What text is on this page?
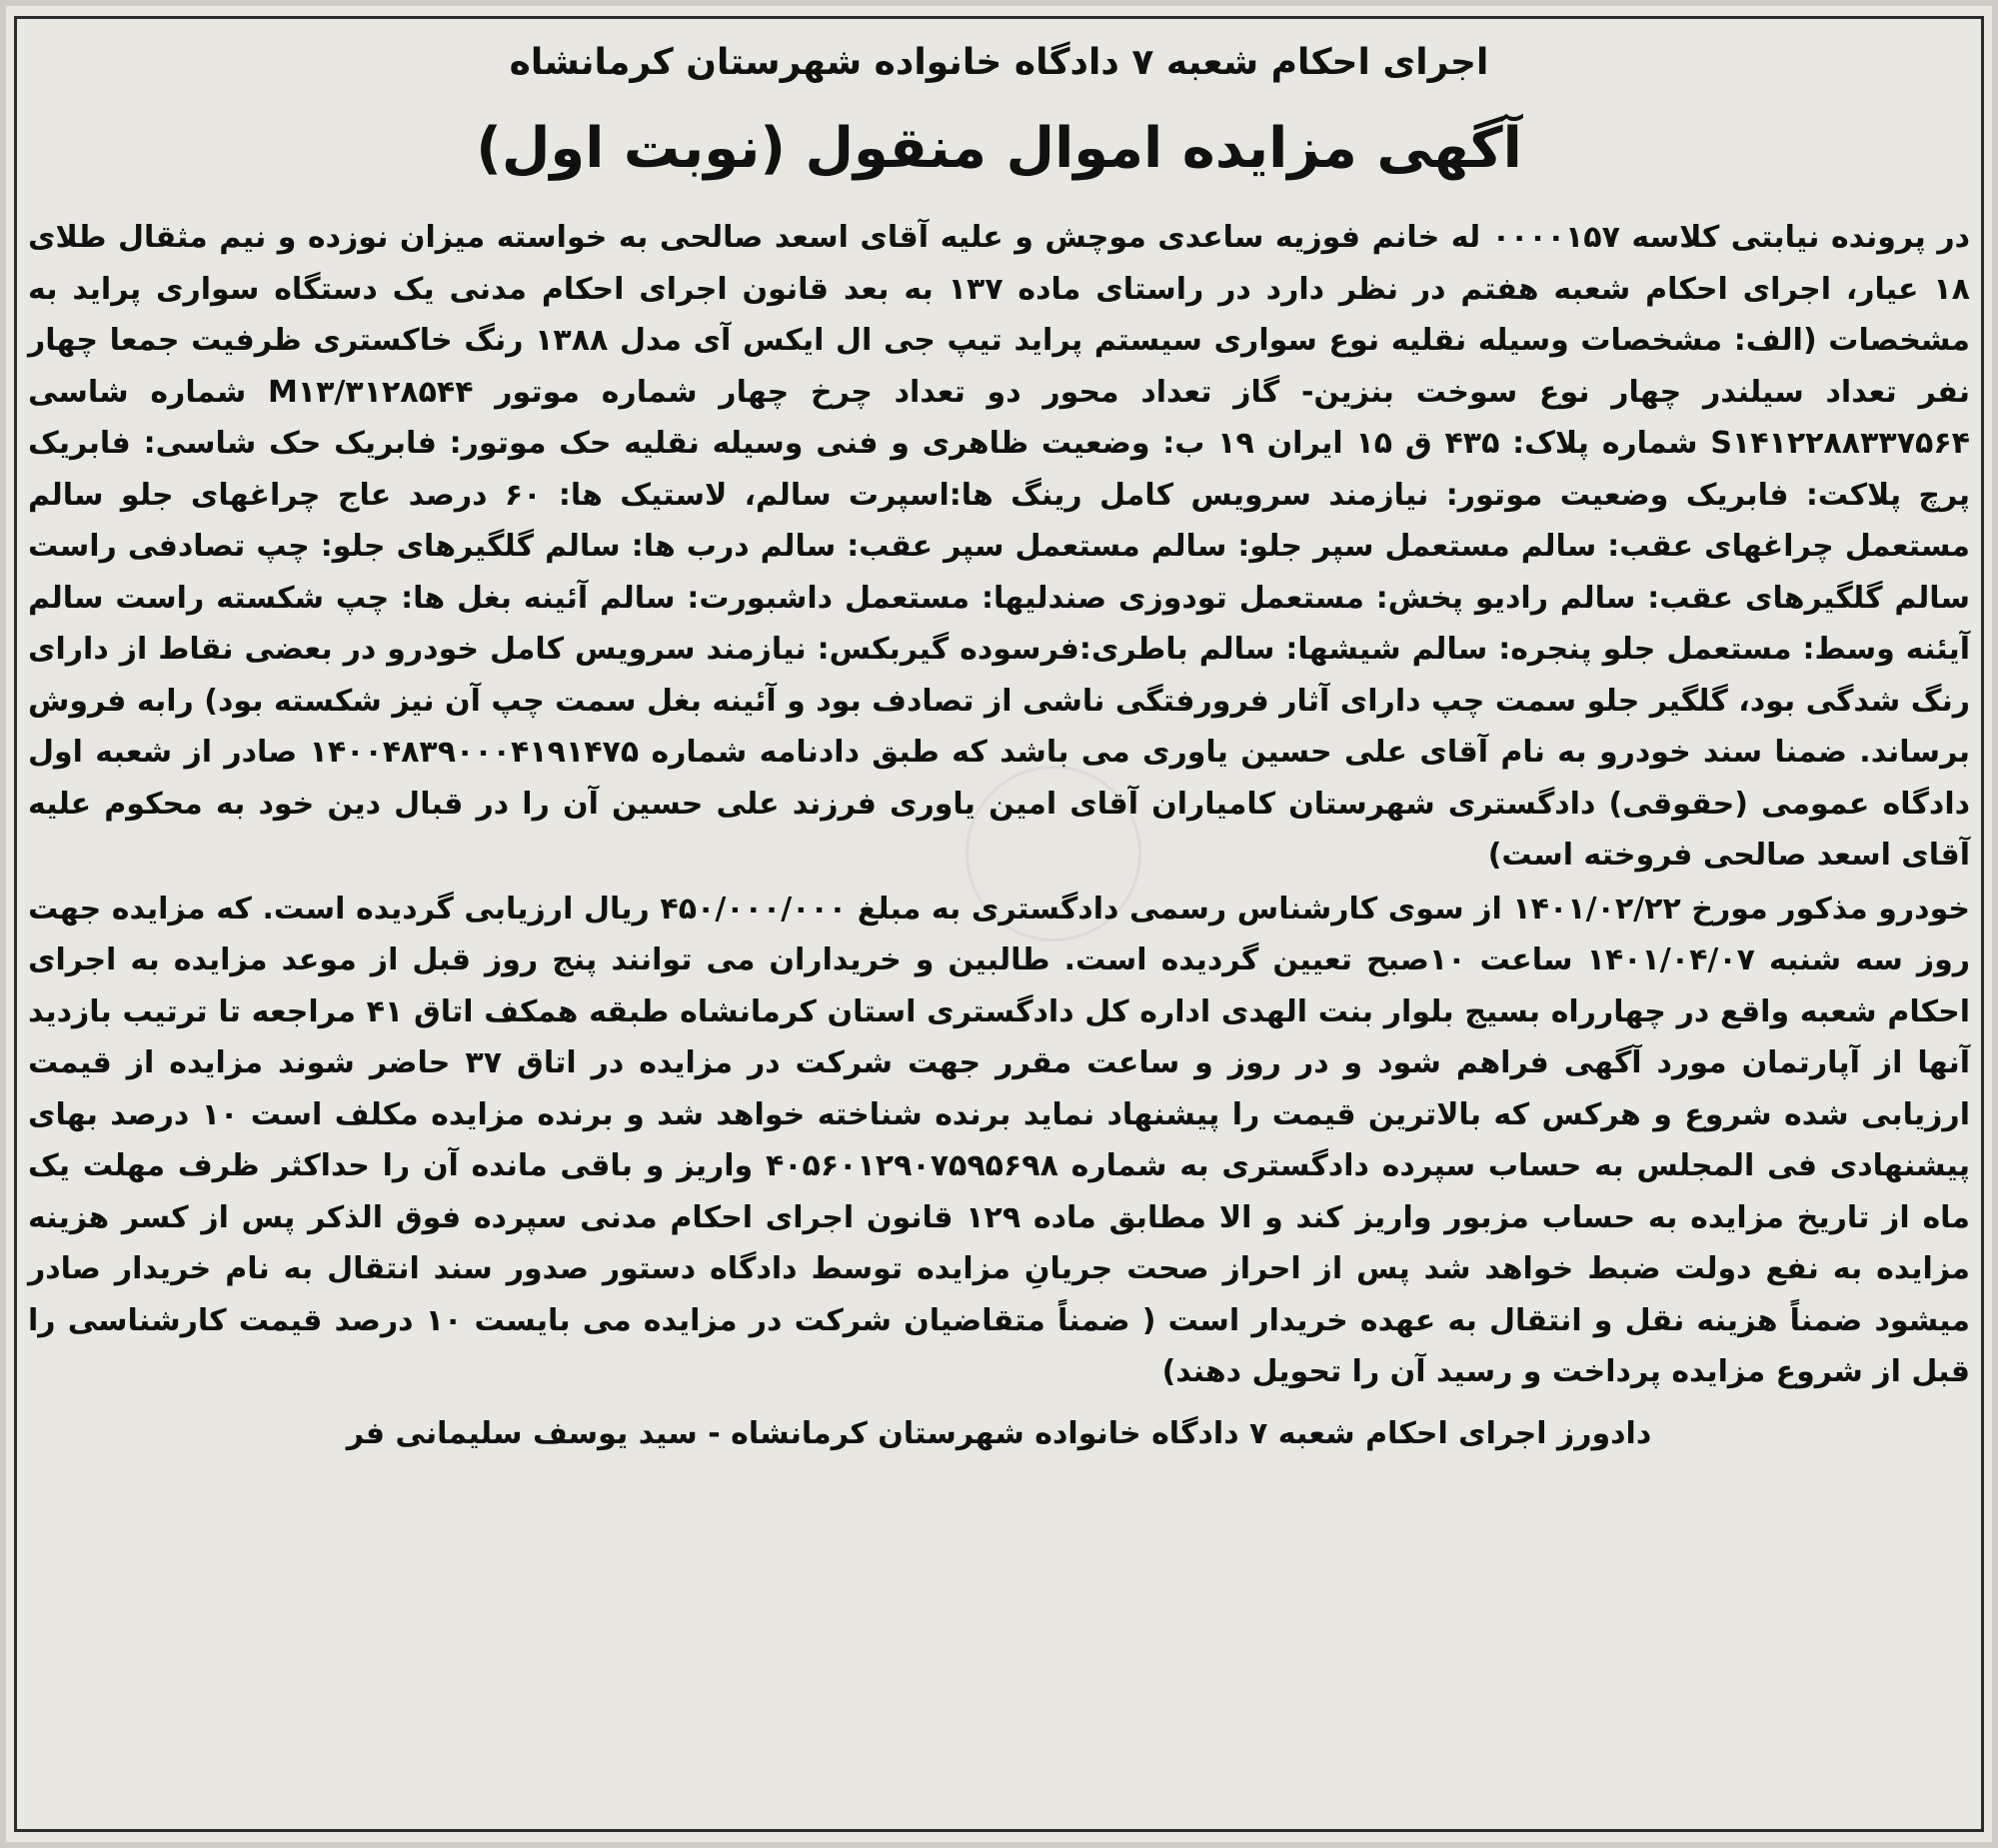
اجرای احکام شعبه ۷ دادگاه خانواده شهرستان کرمانشاه
آگهی مزایده اموال منقول (نوبت اول)

در پرونده نیابتی کلاسه ۰۰۰۰۱۵۷ له خانم فوزیه ساعدی موچش و علیه آقای اسعد صالحی به خواسته میزان نوزده و نیم مثقال طلای ۱۸ عیار، اجرای احکام شعبه هفتم در نظر دارد در راستای ماده ۱۳۷ به بعد قانون اجرای احکام مدنی یک دستگاه سواری پراید به مشخصات (الف: مشخصات وسیله نقلیه نوع سواری سیستم پراید تیپ جی ال ایکس آی مدل ۱۳۸۸ رنگ خاکستری ظرفیت جمعا چهار نفر تعداد سیلندر چهار نوع سوخت بنزین- گاز تعداد محور دو تعداد چرخ چهار شماره موتور M۱۳/۳۱۲۸۵۴۴ شماره شاسی S۱۴۱۲۲۸۸۳۳۷۵۶۴ شماره پلاک: ۴۳۵ ق ۱۵ ایران ۱۹ ب: وضعیت ظاهری و فنی وسیله نقلیه حک موتور: فابریک حک شاسی: فابریک پرچ پلاکت: فابریک وضعیت موتور: نیازمند سرویس کامل رینگ ها:اسپرت سالم، لاستیک ها: ۶۰ درصد عاج چراغهای جلو سالم مستعمل چراغهای عقب: سالم مستعمل سپر جلو: سالم مستعمل سپر عقب: سالم درب ها: سالم گلگیرهای جلو: چپ تصادفی راست سالم گلگیرهای عقب: سالم رادیو پخش: مستعمل تودوزی صندلیها: مستعمل داشبورت: سالم آئینه بغل ها: چپ شکسته راست سالم آیئنه وسط: مستعمل جلو پنجره: سالم شیشها: سالم باطری:فرسوده گیربکس: نیازمند سرویس کامل خودرو در بعضی نقاط از دارای رنگ شدگی بود، گلگیر جلو سمت چپ دارای آثار فرورفتگی ناشی از تصادف بود و آئینه بغل سمت چپ آن نیز شکسته بود) رابه فروش برساند. ضمنا سند خودرو به نام آقای علی حسین یاوری می باشد که طبق دادنامه شماره ۱۴۰۰۴۸۳۹۰۰۰۴۱۹۱۴۷۵ صادر از شعبه اول دادگاه عمومی (حقوقی) دادگستری شهرستان کامیاران آقای امین یاوری فرزند علی حسین آن را در قبال دین خود به محکوم علیه آقای اسعد صالحی فروخته است)

خودرو مذکور مورخ ۱۴۰۱/۰۲/۲۲ از سوی کارشناس رسمی دادگستری به مبلغ ۴۵۰/۰۰۰/۰۰۰ ریال ارزیابی گردیده است. که مزایده جهت روز سه شنبه ۱۴۰۱/۰۴/۰۷ ساعت ۱۰صبح تعیین گردیده است. طالبین و خریداران می توانند پنج روز قبل از موعد مزایده به اجرای احکام شعبه واقع در چهارراه بسیج بلوار بنت الهدی اداره کل دادگستری استان کرمانشاه طبقه همکف اتاق ۴۱ مراجعه تا ترتیب بازدید آنها از آپارتمان مورد آگهی فراهم شود و در روز و ساعت مقرر جهت شرکت در مزایده در اتاق ۳۷ حاضر شوند مزایده از قیمت ارزیابی شده شروع و هرکس که بالاترین قیمت را پیشنهاد نماید برنده شناخته خواهد شد و برنده مزایده مکلف است ۱۰ درصد بهای پیشنهادی فی المجلس به حساب سپرده دادگستری به شماره ۴۰۵۶۰۱۲۹۰۷۵۹۵۶۹۸ واریز و باقی مانده آن را حداکثر ظرف مهلت یک ماه از تاریخ مزایده به حساب مزبور واریز کند و الا مطابق ماده ۱۲۹ قانون اجرای احکام مدنی سپرده فوق الذکر پس از کسر هزینه مزایده به نفع دولت ضبط خواهد شد پس از احراز صحت جریانِ مزایده توسط دادگاه دستور صدور سند انتقال به نام خریدار صادر میشود ضمناً هزینه نقل و انتقال به عهده خریدار است ( ضمناً متقاضیان شرکت در مزایده می بایست ۱۰ درصد قیمت کارشناسی را قبل از شروع مزایده پرداخت و رسید آن را تحویل دهند)

دادورز اجرای احکام شعبه ۷ دادگاه خانواده شهرستان کرمانشاه - سید یوسف سلیمانی فر
